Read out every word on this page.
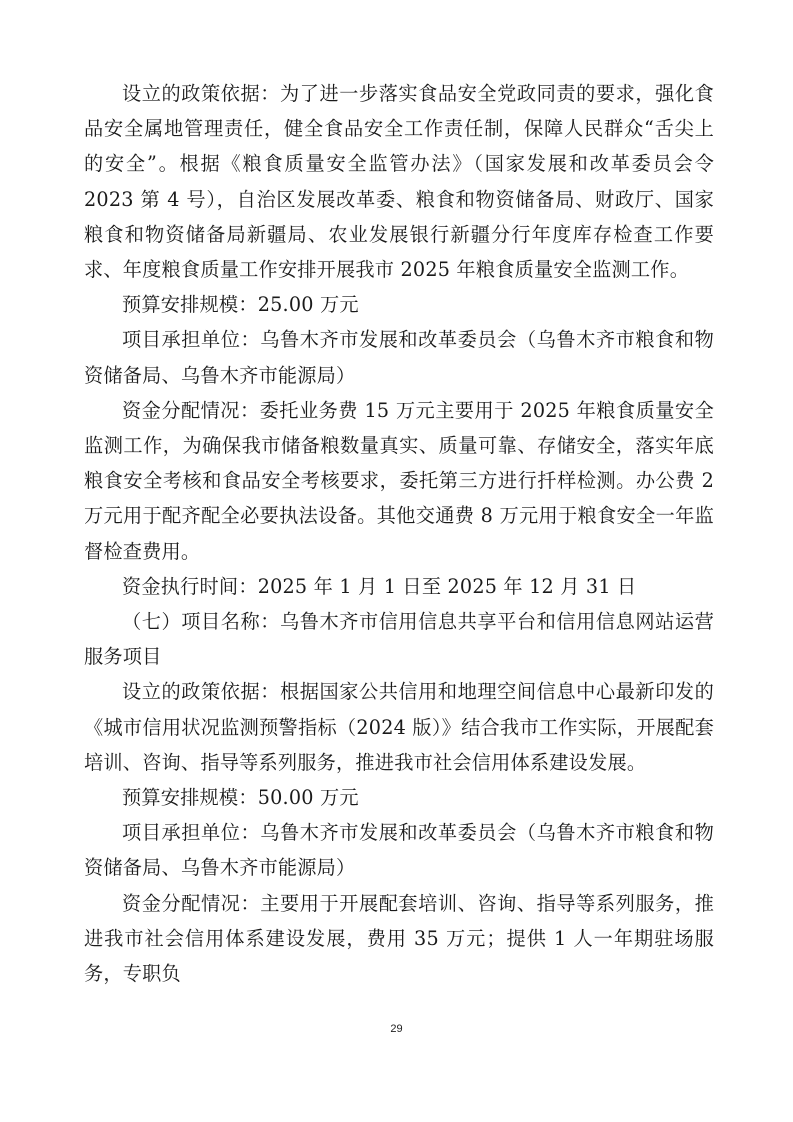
设立的政策依据：为了进一步落实食品安全党政同责的要求，强化食品安全属地管理责任，健全食品安全工作责任制，保障人民群众“舌尖上的安全”。根据《粮食质量安全监管办法》（国家发展和改革委员会令 2023 第 4 号），自治区发展改革委、粮食和物资储备局、财政厅、国家粮食和物资储备局新疆局、农业发展银行新疆分行年度库存检查工作要求、年度粮食质量工作安排开展我市 2025 年粮食质量安全监测工作。

预算安排规模：25.00 万元

项目承担单位：乌鲁木齐市发展和改革委员会（乌鲁木齐市粮食和物资储备局、乌鲁木齐市能源局）

资金分配情况：委托业务费 15 万元主要用于 2025 年粮食质量安全监测工作，为确保我市储备粮数量真实、质量可靠、存储安全，落实年底粮食安全考核和食品安全考核要求，委托第三方进行扦样检测。办公费 2 万元用于配齐配全必要执法设备。其他交通费 8 万元用于粮食安全一年监督检查费用。

资金执行时间：2025 年 1 月 1 日至 2025 年 12 月 31 日

（七）项目名称：乌鲁木齐市信用信息共享平台和信用信息网站运营服务项目

设立的政策依据：根据国家公共信用和地理空间信息中心最新印发的《城市信用状况监测预警指标（2024 版）》结合我市工作实际，开展配套培训、咨询、指导等系列服务，推进我市社会信用体系建设发展。

预算安排规模：50.00 万元

项目承担单位：乌鲁木齐市发展和改革委员会（乌鲁木齐市粮食和物资储备局、乌鲁木齐市能源局）

资金分配情况：主要用于开展配套培训、咨询、指导等系列服务，推进我市社会信用体系建设发展，费用 35 万元；提供 1 人一年期驻场服务，专职负

29
